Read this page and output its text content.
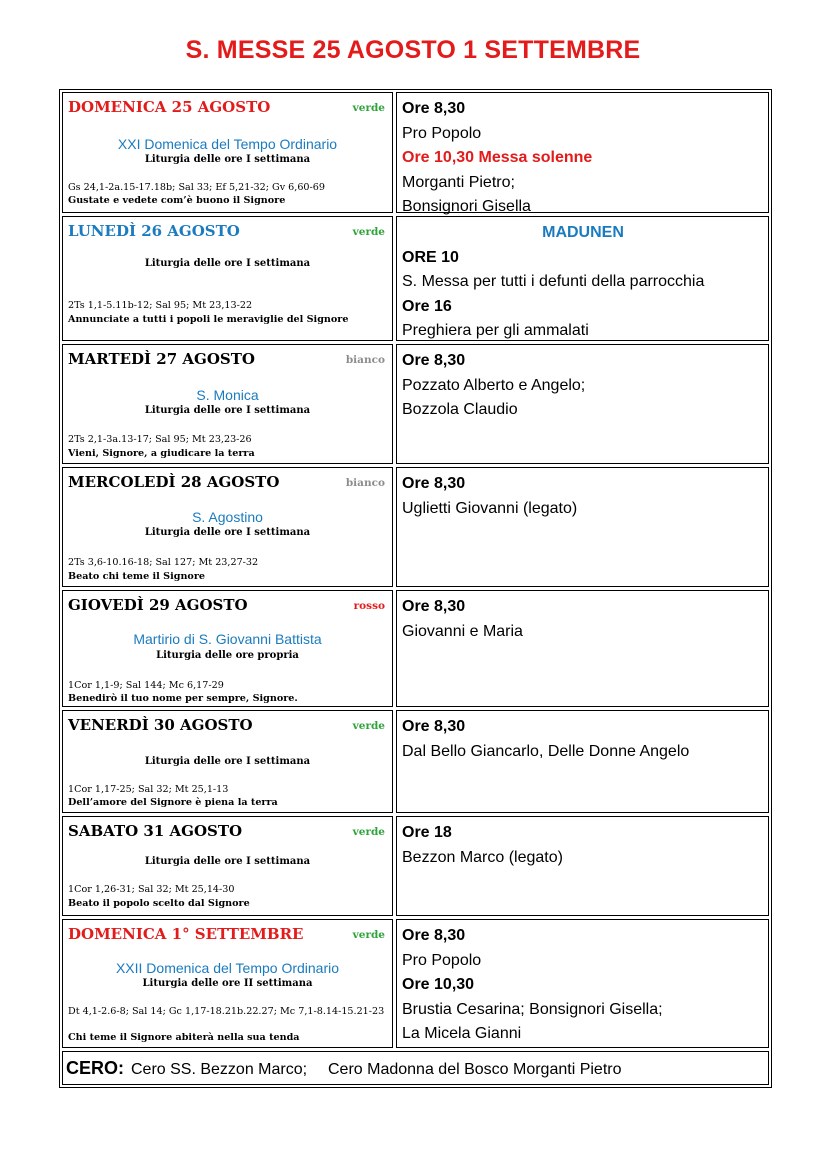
S. MESSE 25 AGOSTO 1 SETTEMBRE
DOMENICA 25 AGOSTO	verde
XXI Domenica del Tempo Ordinario
Liturgia delle ore I settimana
Gs 24,1-2a.15-17.18b; Sal 33; Ef 5,21-32; Gv 6,60-69
Gustate e vedete com’è buono il Signore
Ore 8,30
Pro Popolo
Ore 10,30 Messa solenne
Morganti Pietro;
Bonsignori Gisella
LUNEDÌ 26 AGOSTO	verde
Liturgia delle ore I settimana
2Ts 1,1-5.11b-12; Sal 95; Mt 23,13-22
Annunciate a tutti i popoli le meraviglie del Signore
MADUNEN
ORE 10
S. Messa per tutti i defunti della parrocchia
Ore 16
Preghiera per gli ammalati
MARTEDÌ 27 AGOSTO	bianco
S. Monica
Liturgia delle ore I settimana
2Ts 2,1-3a.13-17; Sal 95; Mt 23,23-26
Vieni, Signore, a giudicare la terra
Ore 8,30
Pozzato Alberto e Angelo;
Bozzola Claudio
MERCOLEDÌ 28 AGOSTO	bianco
S. Agostino
Liturgia delle ore I settimana
2Ts 3,6-10.16-18; Sal 127; Mt 23,27-32
Beato chi teme il Signore
Ore 8,30
Uglietti Giovanni (legato)
GIOVEDÌ 29 AGOSTO	rosso
Martirio di S. Giovanni Battista
Liturgia delle ore propria
1Cor 1,1-9; Sal 144; Mc 6,17-29
Benedirò il tuo nome per sempre, Signore.
Ore 8,30
Giovanni e Maria
VENERDÌ 30 AGOSTO	verde
Liturgia delle ore I settimana
1Cor 1,17-25; Sal 32; Mt 25,1-13
Dell’amore del Signore è piena la terra
Ore 8,30
Dal Bello Giancarlo, Delle Donne Angelo
SABATO 31 AGOSTO	verde
Liturgia delle ore I settimana
1Cor 1,26-31; Sal 32; Mt 25,14-30
Beato il popolo scelto dal Signore
Ore 18
Bezzon Marco (legato)
DOMENICA 1° SETTEMBRE	verde
XXII Domenica del Tempo Ordinario
Liturgia delle ore II settimana
Dt 4,1-2.6-8; Sal 14; Gc 1,17-18.21b.22.27; Mc 7,1-8.14-15.21-23
Chi teme il Signore abiterà nella sua tenda
Ore 8,30
Pro Popolo
Ore 10,30
Brustia Cesarina; Bonsignori Gisella;
La Micela Gianni
CERO: Cero SS. Bezzon Marco; Cero Madonna del Bosco Morganti Pietro
